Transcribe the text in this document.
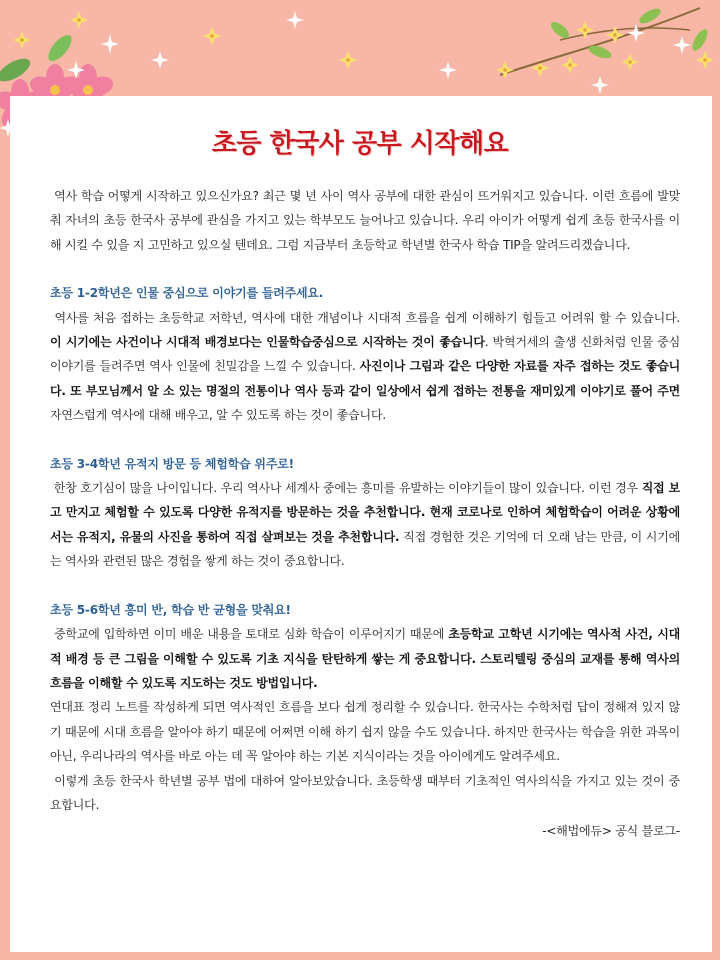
초등 한국사 공부 시작해요

역사 학습 어떻게 시작하고 있으신가요? 최근 몇 년 사이 역사 공부에 대한 관심이 뜨거워지고 있습니다. 이런 흐름에 발맞춰 자녀의 초등 한국사 공부에 관심을 가지고 있는 학부모도 늘어나고 있습니다. 우리 아이가 어떻게 쉽게 초등 한국사를 이해 시킬 수 있을 지 고민하고 있으실 텐데요. 그럼 지금부터 초등학교 학년별 한국사 학습 TIP을 알려드리겠습니다.

초등 1-2학년은 인물 중심으로 이야기를 들려주세요.

역사를 처음 접하는 초등학교 저학년, 역사에 대한 개념이나 시대적 흐름을 쉽게 이해하기 힘들고 어려워 할 수 있습니다. 이 시기에는 사건이나 시대적 배경보다는 인물학습중심으로 시작하는 것이 좋습니다. 박혁거세의 출생 신화처럼 인물 중심 이야기를 들려주면 역사 인물에 친밀감을 느낄 수 있습니다. 사진이나 그림과 같은 다양한 자료를 자주 접하는 것도 좋습니다. 또 부모님께서 알 소 있는 명절의 전통이나 역사 등과 같이 일상에서 쉽게 접하는 전통을 재미있게 이야기로 풀어 주면 자연스럽게 역사에 대해 배우고, 알 수 있도록 하는 것이 좋습니다.

초등 3-4학년 유적지 방문 등 체험학습 위주로!

한창 호기심이 많을 나이입니다. 우리 역사나 세계사 중에는 흥미를 유발하는 이야기들이 많이 있습니다. 이런 경우 직접 보고 만지고 체험할 수 있도록 다양한 유적지를 방문하는 것을 추천합니다. 현재 코로나로 인하여 체험학습이 어려운 상황에서는 유적지, 유물의 사진을 통하여 직접 살펴보는 것을 추천합니다. 직접 경험한 것은 기억에 더 오래 남는 만큼, 이 시기에는 역사와 관련된 많은 경험을 쌓게 하는 것이 중요합니다.

초등 5-6학년 흥미 반, 학습 반 균형을 맞춰요!

중학교에 입학하면 이미 배운 내용을 토대로 심화 학습이 이루어지기 때문에 초등학교 고학년 시기에는 역사적 사건, 시대적 배경 등 큰 그림을 이해할 수 있도록 기초 지식을 탄탄하게 쌓는 게 중요합니다. 스토리텔링 중심의 교재를 통해 역사의 흐름을 이해할 수 있도록 지도하는 것도 방법입니다.

연대표 정리 노트를 작성하게 되면 역사적인 흐름을 보다 쉽게 정리할 수 있습니다. 한국사는 수학처럼 답이 정해져 있지 않기 때문에 시대 흐름을 알아야 하기 때문에 어쩌면 이해 하기 쉽지 않을 수도 있습니다. 하지만 한국사는 학습을 위한 과목이 아닌, 우리나라의 역사를 바로 아는 데 꼭 알아야 하는 기본 지식이라는 것을 아이에게도 알려주세요.

이렇게 초등 한국사 학년별 공부 법에 대하여 알아보았습니다. 초등학생 때부터 기초적인 역사의식을 가지고 있는 것이 중요합니다.

-<해법에듀> 공식 블로그-
